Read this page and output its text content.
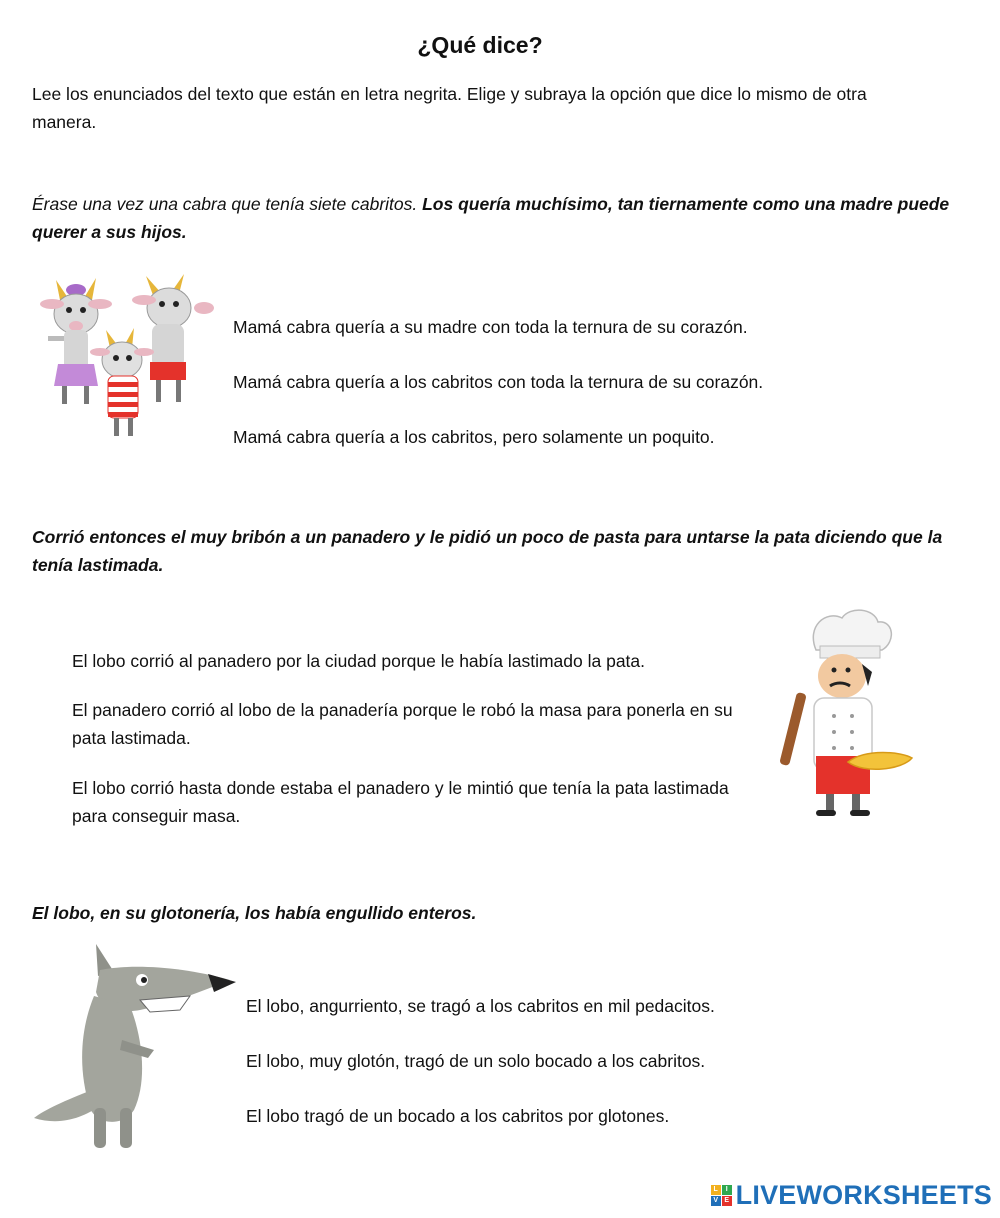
¿Qué dice?
Lee los enunciados del texto que están en letra negrita. Elige y subraya la opción que dice lo mismo de otra manera.
Érase una vez una cabra que tenía siete cabritos. Los quería muchísimo, tan tiernamente como una madre puede querer a sus hijos.
Mamá cabra quería a su madre con toda la ternura de su corazón.
Mamá cabra quería a los cabritos con toda la ternura de su corazón.
Mamá cabra quería a los cabritos, pero solamente un poquito.
Corrió entonces el muy bribón a un panadero y le pidió un poco de pasta para untarse la pata diciendo que la tenía lastimada.
El lobo corrió al panadero por la ciudad porque le había lastimado la pata.
El panadero corrió al lobo de la panadería porque le robó la masa para ponerla en su pata lastimada.
El lobo corrió hasta donde estaba el panadero y le mintió que tenía la pata lastimada para conseguir masa.
El lobo, en su glotonería, los había engullido enteros.
El lobo, angurriento, se tragó a los cabritos en mil pedacitos.
El lobo, muy glotón, tragó de un solo bocado a los cabritos.
El lobo tragó de un bocado a los cabritos por glotones.
L	I
V E LIVEWORKSHEETS
